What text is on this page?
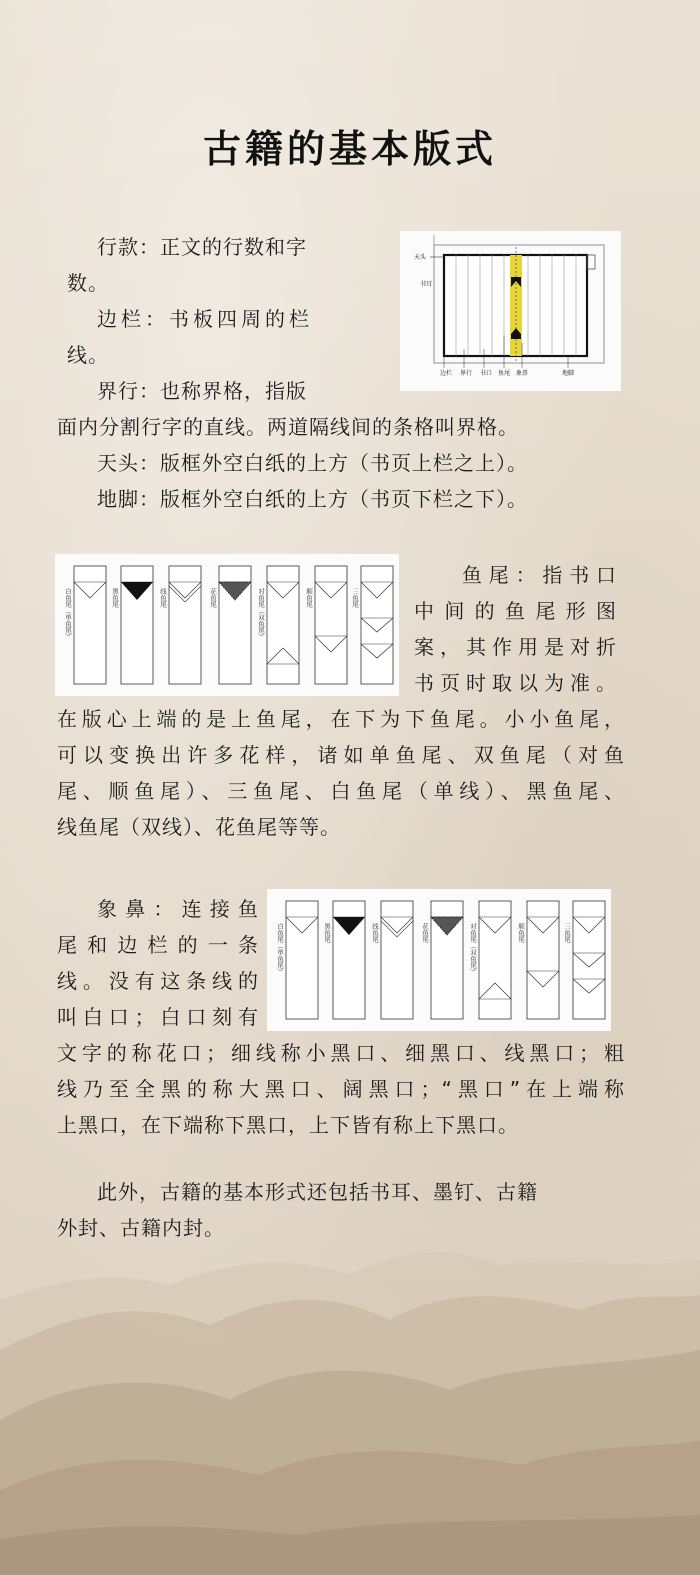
古籍的基本版式

行款：正文的行数和字

数。

边栏：书板四周的栏

线。

界行：也称界格，指版

面内分割行字的直线。两道隔线间的条格叫界格。

天头：版框外空白纸的上方（书页上栏之上）。

地脚：版框外空白纸的上方（书页下栏之下）。

天头
书耳
边栏 界行 书口 鱼尾 象鼻	地脚
白鱼尾（单鱼尾）	黑鱼尾	线鱼尾	花鱼尾	对鱼尾（双鱼尾）	顺鱼尾	三鱼尾

鱼尾：指书口

中间的鱼尾形图

案，其作用是对折

书页时取以为准。

在版心上端的是上鱼尾，在下为下鱼尾。小小鱼尾，

可以变换出许多花样，诸如单鱼尾、双鱼尾（对鱼

尾、顺鱼尾）、三鱼尾、白鱼尾（单线）、黑鱼尾、

线鱼尾（双线）、花鱼尾等等。

白鱼尾（单鱼尾）	黑鱼尾	线鱼尾	花鱼尾	对鱼尾（双鱼尾）	顺鱼尾	三鱼尾

象鼻：连接鱼

尾和边栏的一条

线。没有这条线的

叫白口；白口刻有

文字的称花口；细线称小黑口、细黑口、线黑口；粗

线乃至全黑的称大黑口、阔黑口；“黑口”在上端称

上黑口，在下端称下黑口，上下皆有称上下黑口。

此外，古籍的基本形式还包括书耳、墨钉、古籍

外封、古籍内封。
